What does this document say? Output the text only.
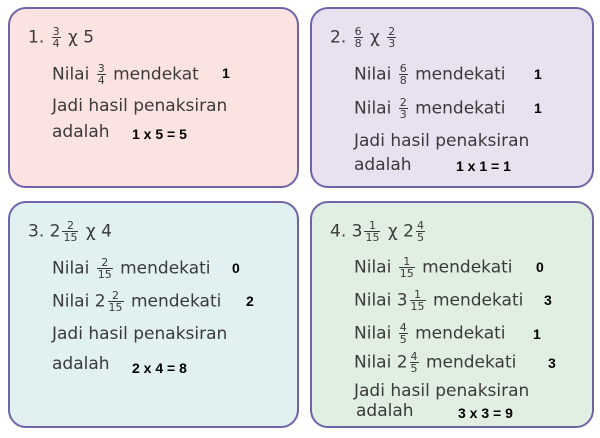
1. $\frac{3}{4}$ χ 5
Nilai $\frac{3}{4}$ mendekat 1
Jadi hasil penaksiran
adalah 1 x 5 = 5
2. $\frac{6}{8}$ χ $\frac{2}{3}$
Nilai $\frac{6}{8}$ mendekati 1
Nilai $\frac{2}{3}$ mendekati 1
Jadi hasil penaksiran
adalah	1 x 1 = 1
3. $2 \frac{2}{15}$ χ 4
Nilai $\frac{2}{15}$ mendekati 0
Nilai $2 \frac{2}{15}$ mendekati 2
Jadi hasil penaksiran
adalah 2 x 4 = 8
4. $3 \frac{1}{15}$ χ $2 \frac{4}{5}$
Nilai $\frac{1}{15}$ mendekati 0
Nilai $3 \frac{1}{15}$ mendekati 3
Nilai $\frac{4}{5}$ mendekati 1
Nilai $2 \frac{4}{5}$ mendekati 3
Jadi hasil penaksiran
adalah	3 x 3 = 9
